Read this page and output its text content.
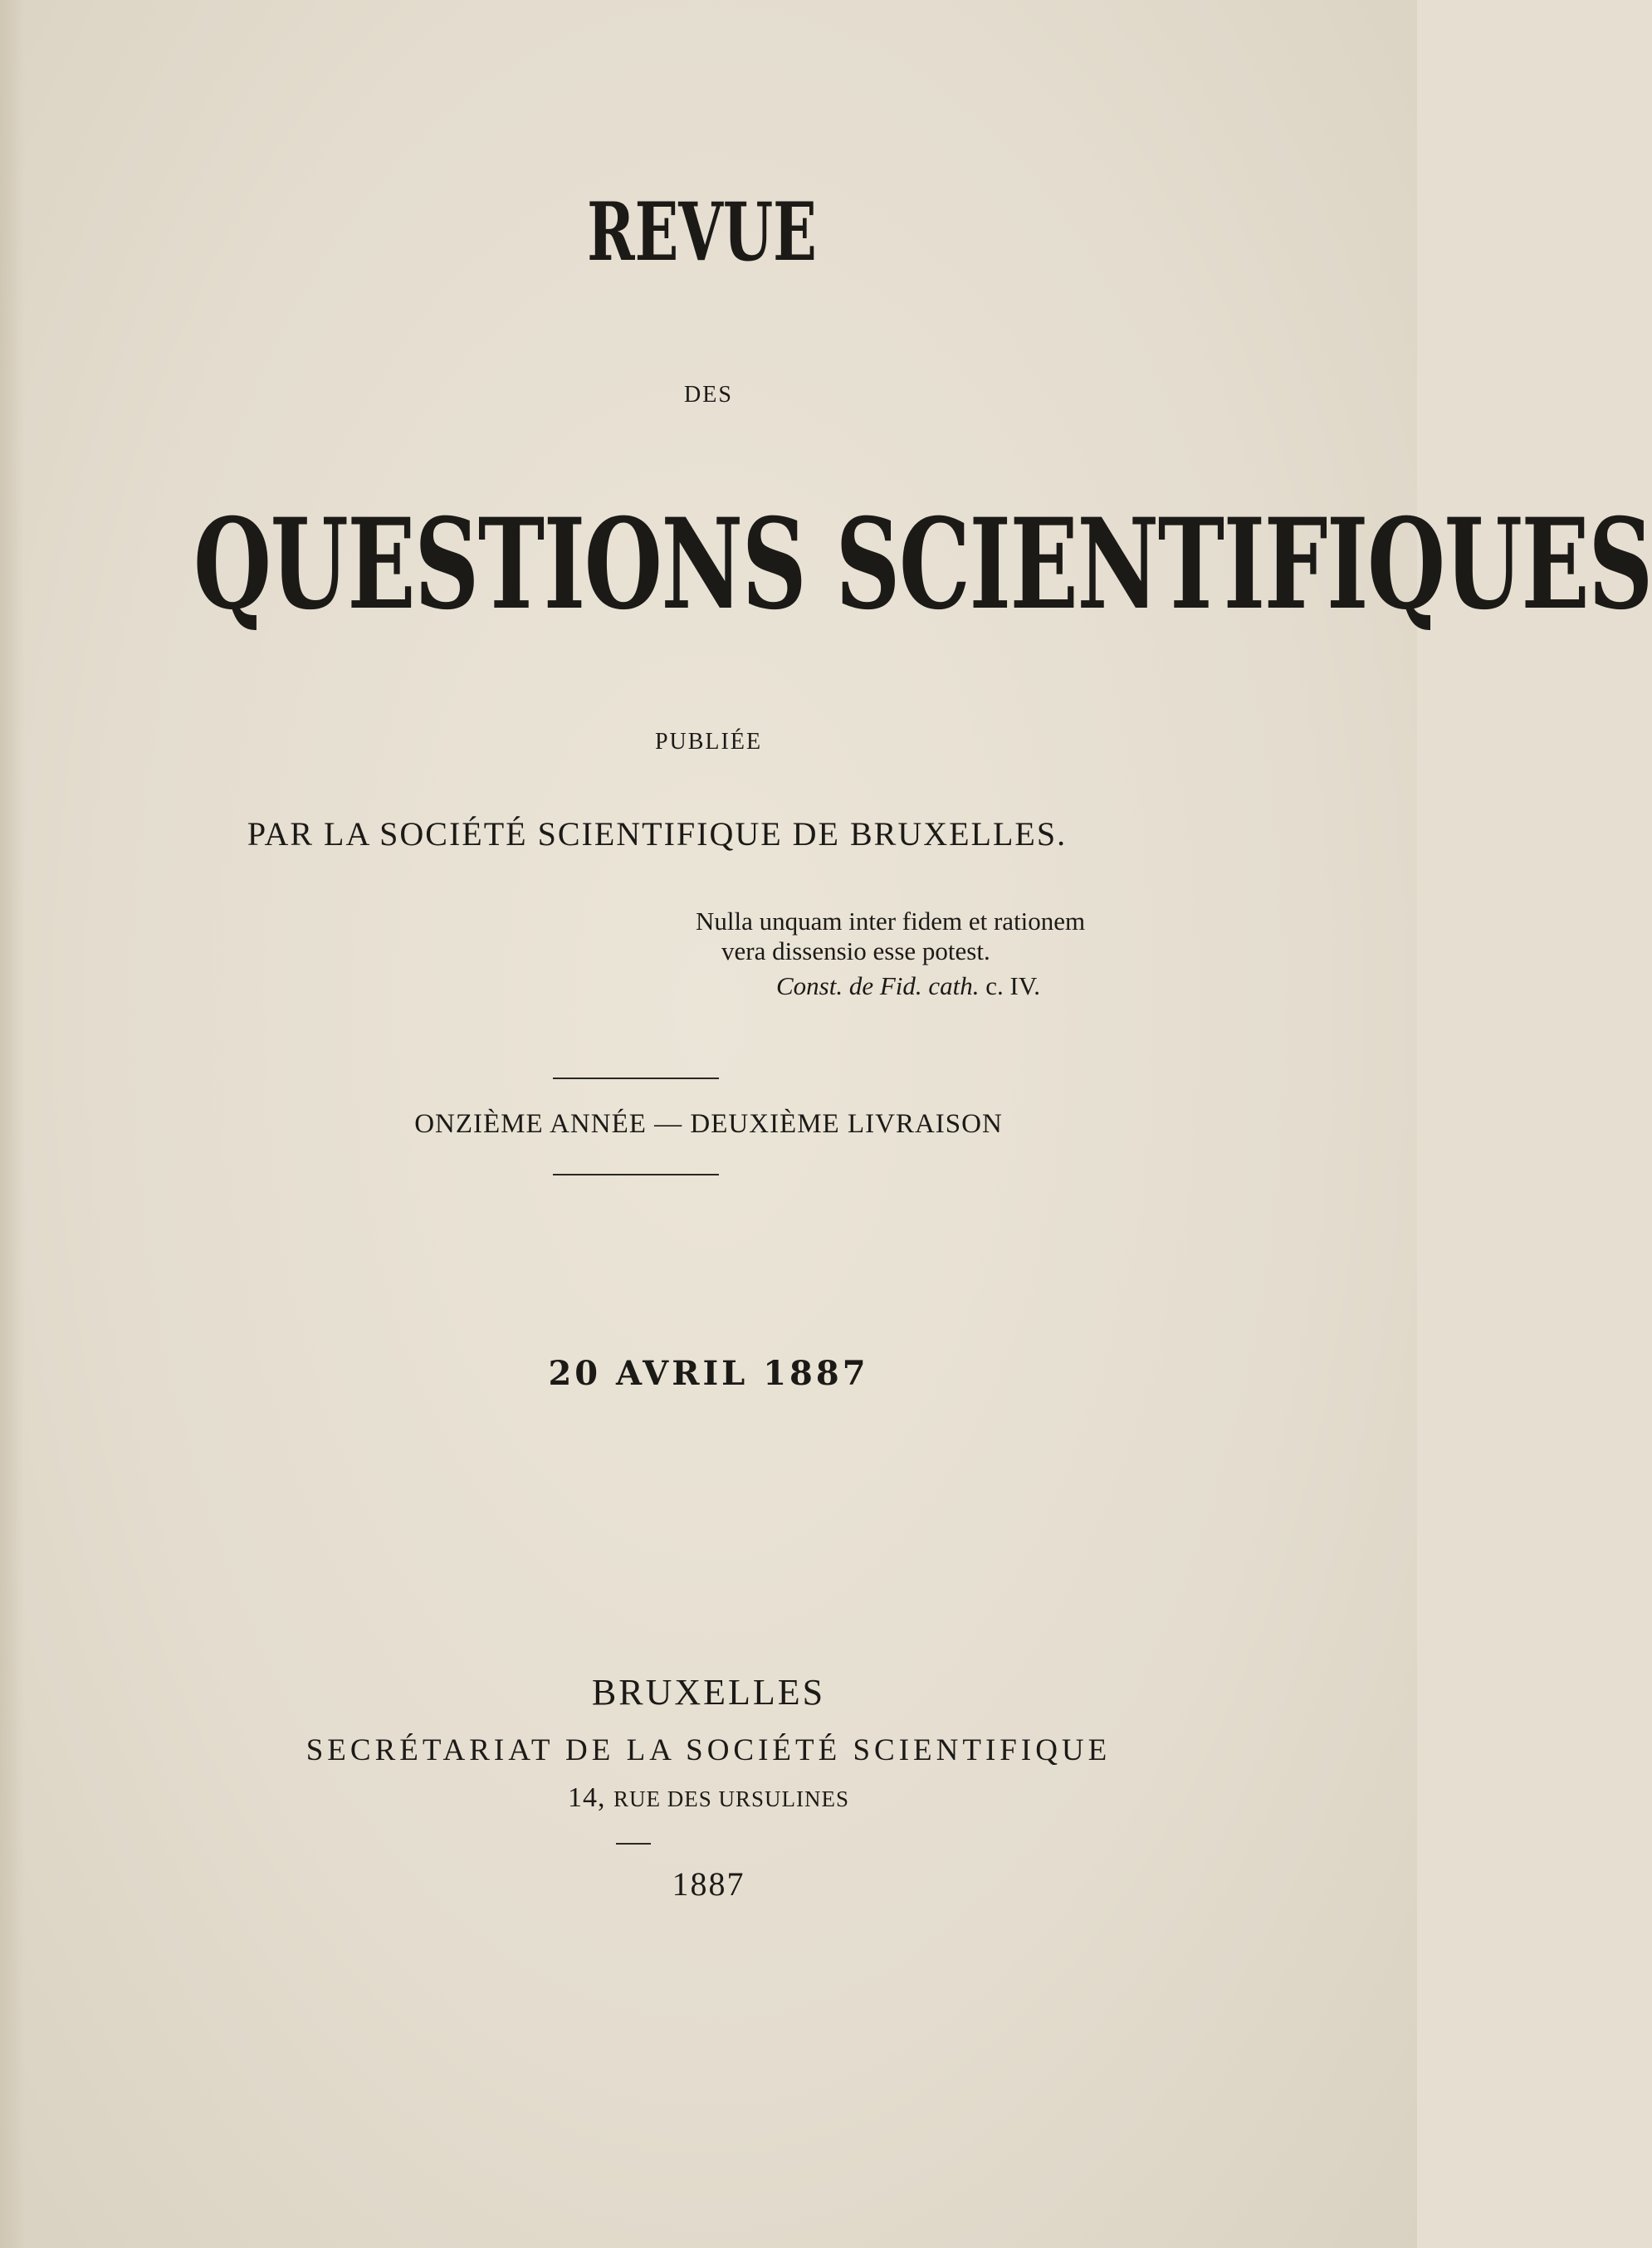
REVUE
DES
QUESTIONS SCIENTIFIQUES
PUBLIÉE
PAR LA SOCIÉTÉ SCIENTIFIQUE DE BRUXELLES.
Nulla unquam inter fidem et rationem
vera dissensio esse potest.
Const. de Fid. cath. c. IV.
ONZIÈME ANNÉE — DEUXIÈME LIVRAISON
20 AVRIL 1887
BRUXELLES
SECRÉTARIAT DE LA SOCIÉTÉ SCIENTIFIQUE
14, RUE DES URSULINES
1887
